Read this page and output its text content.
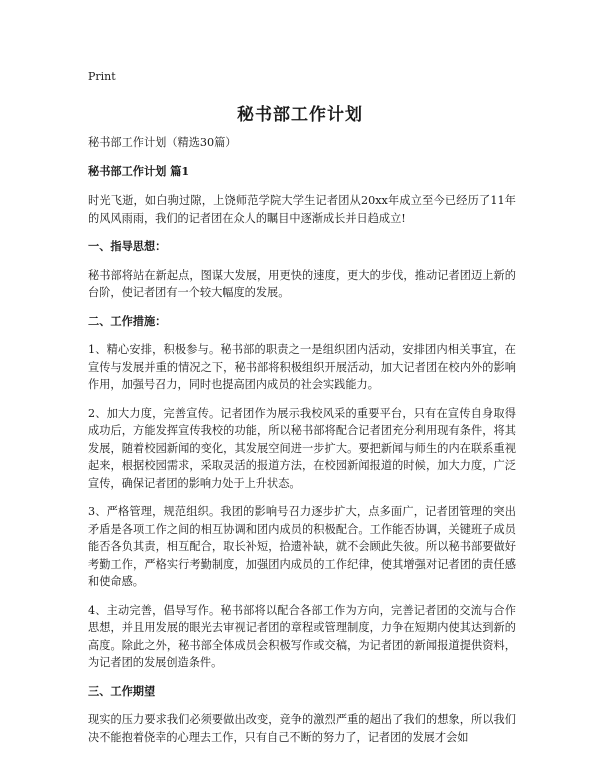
Print
秘书部工作计划

秘书部工作计划（精选30篇）

秘书部工作计划 篇1

时光飞逝，如白驹过隙，上饶师范学院大学生记者团从20xx年成立至今已经历了11年的风风雨雨，我们的记者团在众人的瞩目中逐渐成长并日趋成立!

一、指导思想：

秘书部将站在新起点，图谋大发展，用更快的速度，更大的步伐，推动记者团迈上新的台阶，使记者团有一个较大幅度的发展。

二、工作措施：

1、精心安排，积极参与。秘书部的职责之一是组织团内活动，安排团内相关事宜，在宣传与发展并重的情况之下，秘书部将积极组织开展活动，加大记者团在校内外的影响作用，加强号召力，同时也提高团内成员的社会实践能力。

2、加大力度，完善宣传。记者团作为展示我校风采的重要平台，只有在宣传自身取得成功后，方能发挥宣传我校的功能，所以秘书部将配合记者团充分利用现有条件，将其发展，随着校园新闻的变化，其发展空间进一步扩大。要把新闻与师生的内在联系重视起来，根据校园需求，采取灵活的报道方法，在校园新闻报道的时候，加大力度，广泛宣传，确保记者团的影响力处于上升状态。

3、严格管理，规范组织。我团的影响号召力逐步扩大，点多面广，记者团管理的突出矛盾是各项工作之间的相互协调和团内成员的积极配合。工作能否协调，关键班子成员能否各负其责，相互配合，取长补短，拾遗补缺，就不会顾此失彼。所以秘书部要做好考勤工作，严格实行考勤制度，加强团内成员的工作纪律，使其增强对记者团的责任感和使命感。

4、主动完善，倡导写作。秘书部将以配合各部工作为方向，完善记者团的交流与合作思想，并且用发展的眼光去审视记者团的章程或管理制度，力争在短期内使其达到新的高度。除此之外，秘书部全体成员会积极写作或交稿，为记者团的新闻报道提供资料，为记者团的发展创造条件。

三、工作期望

现实的压力要求我们必须要做出改变，竞争的激烈严重的超出了我们的想象，所以我们决不能抱着侥幸的心理去工作，只有自己不断的努力了，记者团的发展才会如
